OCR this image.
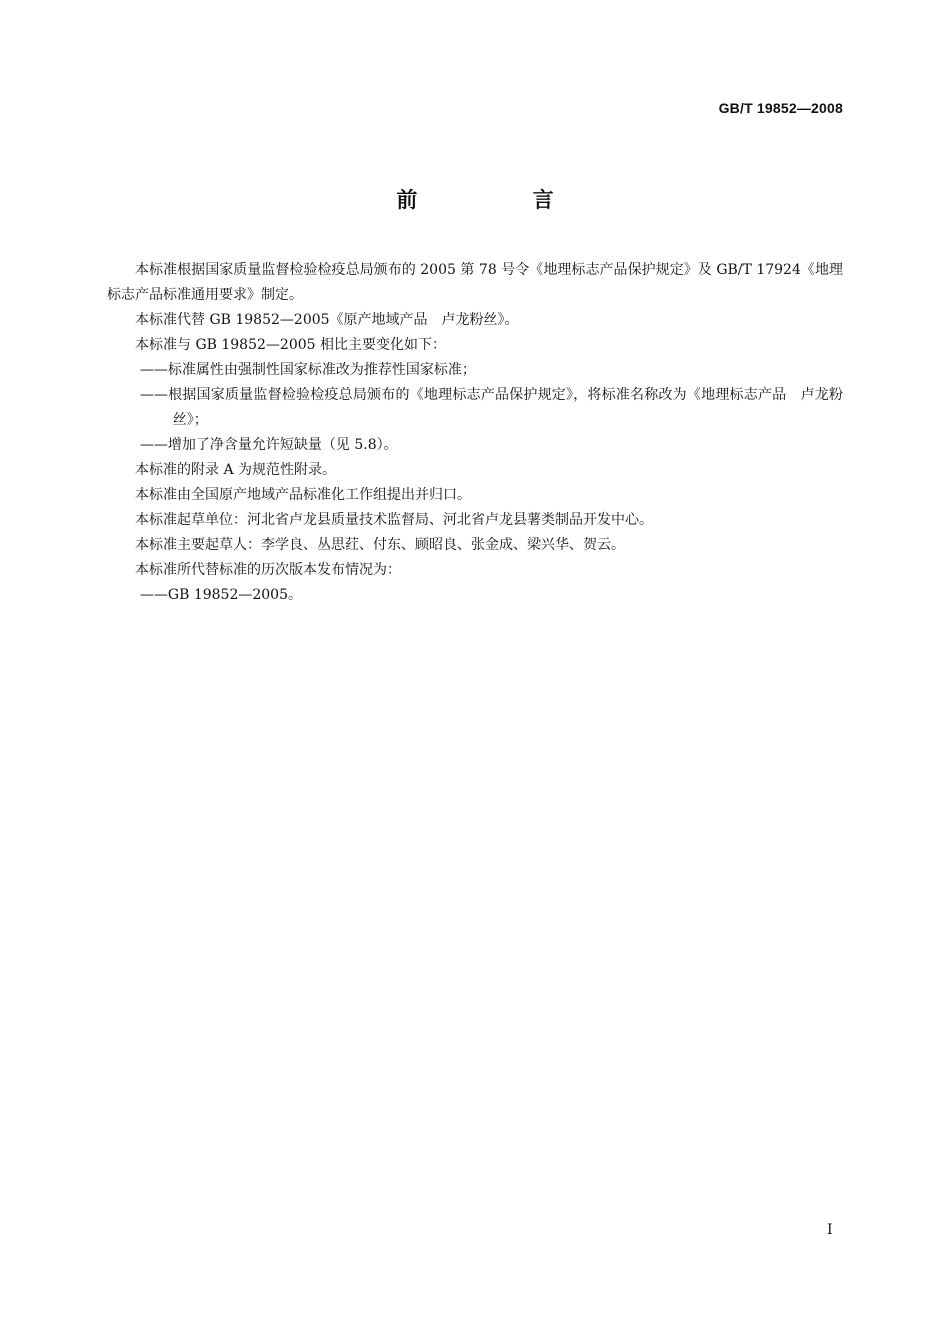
GB/T 19852—2008
前 言

本标准根据国家质量监督检验检疫总局颁布的 2005 第 78 号令《地理标志产品保护规定》及 GB/T 17924《地理标志产品标准通用要求》制定。

本标准代替 GB 19852—2005《原产地域产品　卢龙粉丝》。

本标准与 GB 19852—2005 相比主要变化如下：

——标准属性由强制性国家标准改为推荐性国家标准；

——根据国家质量监督检验检疫总局颁布的《地理标志产品保护规定》，将标准名称改为《地理标志产品　卢龙粉丝》；

——增加了净含量允许短缺量（见 5.8）。

本标准的附录 A 为规范性附录。

本标准由全国原产地域产品标准化工作组提出并归口。

本标准起草单位：河北省卢龙县质量技术监督局、河北省卢龙县薯类制品开发中心。

本标准主要起草人：李学良、丛思荭、付东、顾昭良、张金成、梁兴华、贺云。

本标准所代替标准的历次版本发布情况为：

——GB 19852—2005。

I
